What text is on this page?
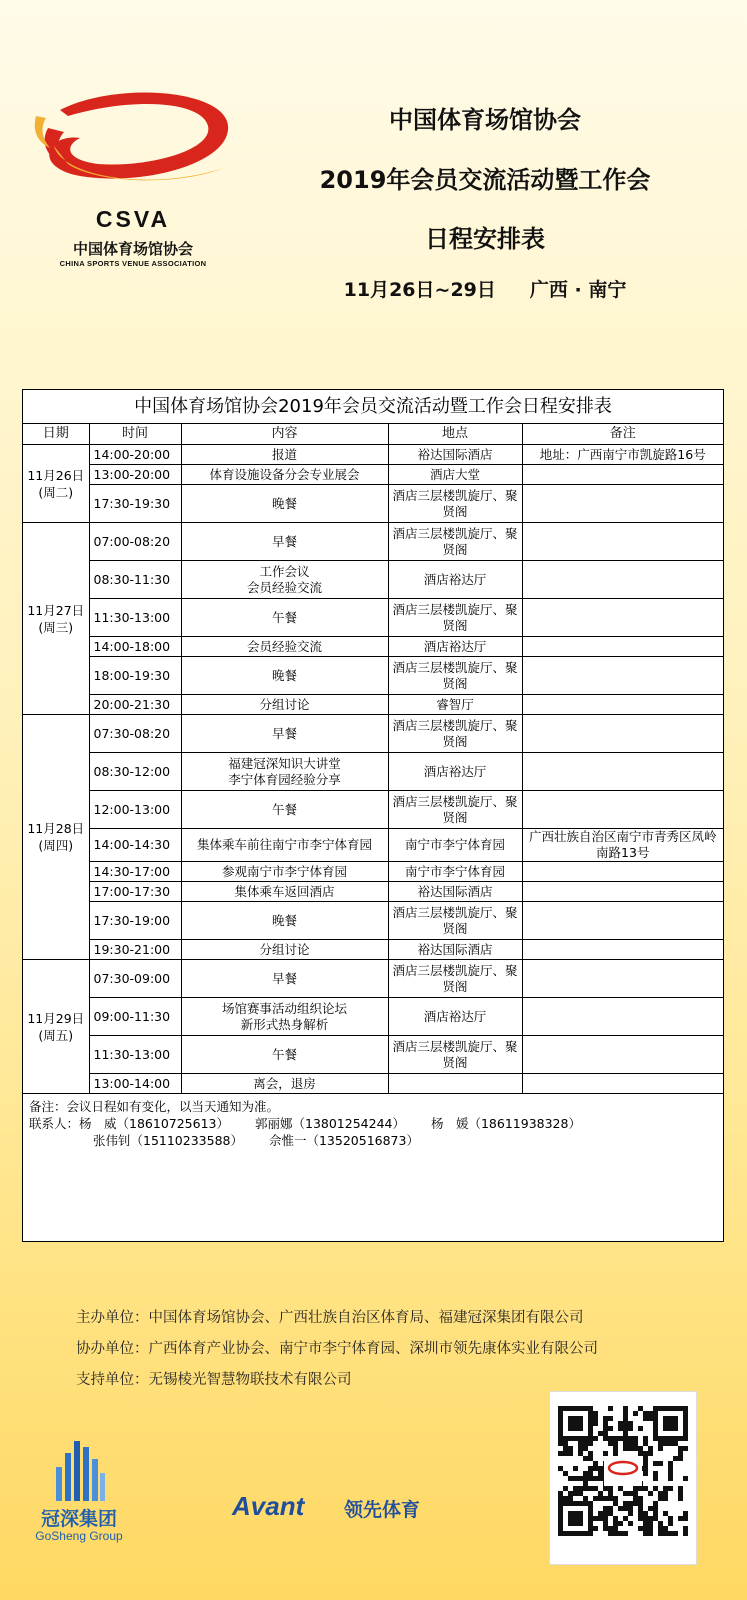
CSVA
中国体育场馆协会
CHINA SPORTS VENUE ASSOCIATION
中国体育场馆协会
2019年会员交流活动暨工作会
日程安排表
11月26日~29日 广西 · 南宁
中国体育场馆协会2019年会员交流活动暨工作会日程安排表				
日期	时间	内容	地点	备注

11月26日
(周二)	14:00-20:00	报道	裕达国际酒店	地址：广西南宁市凯旋路16号
	13:00-20:00	体育设施设备分会专业展会	酒店大堂	
	17:30-19:30	晚餐	酒店三层楼凯旋厅、聚贤阁	

11月27日
(周三)	07:00-08:20	早餐	酒店三层楼凯旋厅、聚贤阁	
	08:30-11:30	工作会议
会员经验交流	酒店裕达厅	
	11:30-13:00	午餐	酒店三层楼凯旋厅、聚贤阁	
	14:00-18:00	会员经验交流	酒店裕达厅	
	18:00-19:30	晚餐	酒店三层楼凯旋厅、聚贤阁	
	20:00-21:30	分组讨论	睿智厅	

11月28日
(周四)	07:30-08:20	早餐	酒店三层楼凯旋厅、聚贤阁	
	08:30-12:00	福建冠深知识大讲堂
李宁体育园经验分享	酒店裕达厅	
	12:00-13:00	午餐	酒店三层楼凯旋厅、聚贤阁	
	14:00-14:30	集体乘车前往南宁市李宁体育园	南宁市李宁体育园	广西壮族自治区南宁市青秀区凤岭南路13号
	14:30-17:00	参观南宁市李宁体育园	南宁市李宁体育园	
	17:00-17:30	集体乘车返回酒店	裕达国际酒店	
	17:30-19:00	晚餐	酒店三层楼凯旋厅、聚贤阁	
	19:30-21:00	分组讨论	裕达国际酒店	

11月29日
(周五)	07:30-09:00	早餐	酒店三层楼凯旋厅、聚贤阁	
	09:00-11:30	场馆赛事活动组织论坛
新形式热身解析	酒店裕达厅	
	11:30-13:00	午餐	酒店三层楼凯旋厅、聚贤阁	
	13:00-14:00	离会，退房		

备注：会议日程如有变化，以当天通知为准。
联系人：杨　威（18610725613） 郭丽娜（13801254244） 杨　媛（18611938328）
张伟钊（15110233588） 佘惟一（13520516873）
主办单位：中国体育场馆协会、广西壮族自治区体育局、福建冠深集团有限公司
协办单位：广西体育产业协会、南宁市李宁体育园、深圳市领先康体实业有限公司
支持单位：无锡棱光智慧物联技术有限公司
冠深集团
GoSheng Group
Avant 领先体育
